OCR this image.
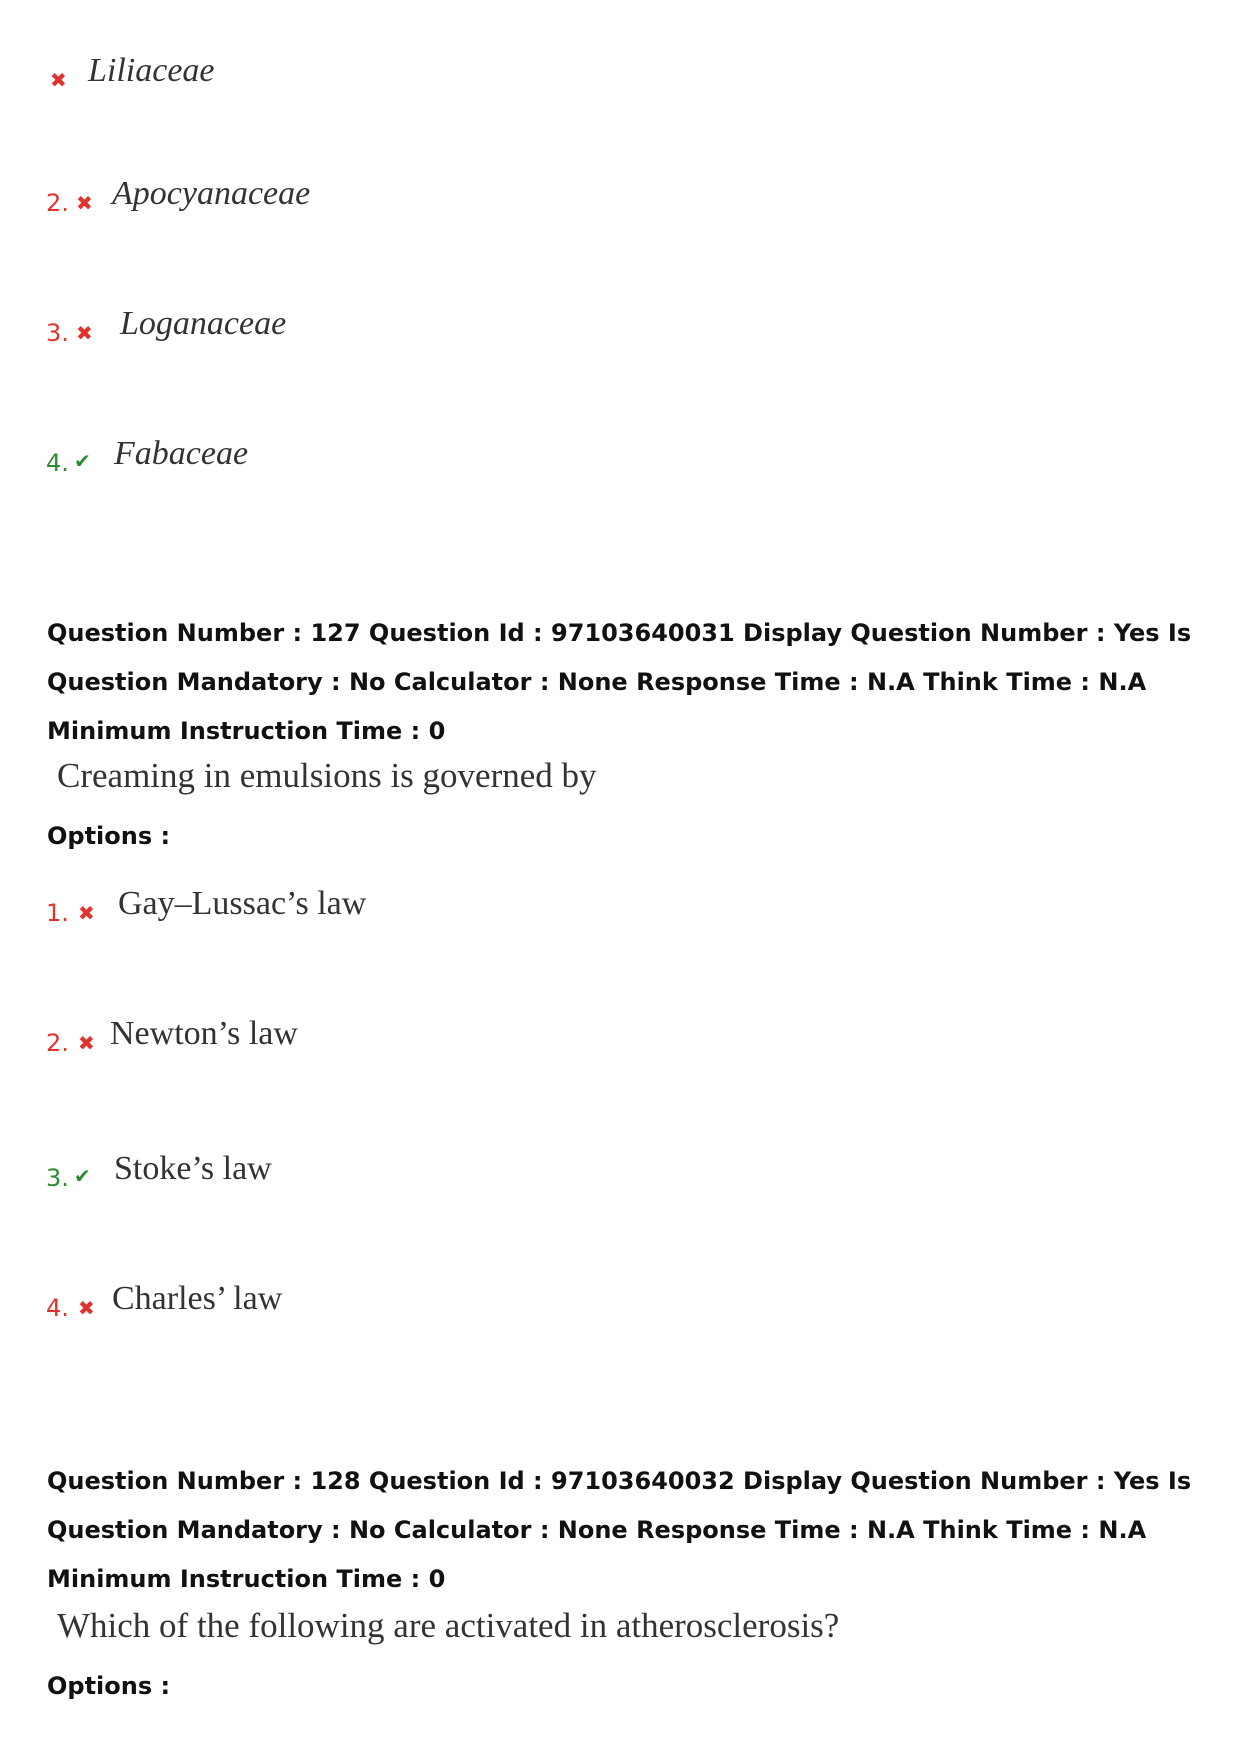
✖ Liliaceae
2. ✖ Apocyanaceae
3. ✖ Loganaceae
4. ✔ Fabaceae
Question Number : 127 Question Id : 97103640031 Display Question Number : Yes Is Question Mandatory : No Calculator : None Response Time : N.A Think Time : N.A Minimum Instruction Time : 0
Creaming in emulsions is governed by
Options :
1. ✖ Gay–Lussac’s law
2. ✖ Newton’s law
3. ✔ Stoke’s law
4. ✖ Charles’ law
Question Number : 128 Question Id : 97103640032 Display Question Number : Yes Is Question Mandatory : No Calculator : None Response Time : N.A Think Time : N.A Minimum Instruction Time : 0
Which of the following are activated in atherosclerosis?
Options :
